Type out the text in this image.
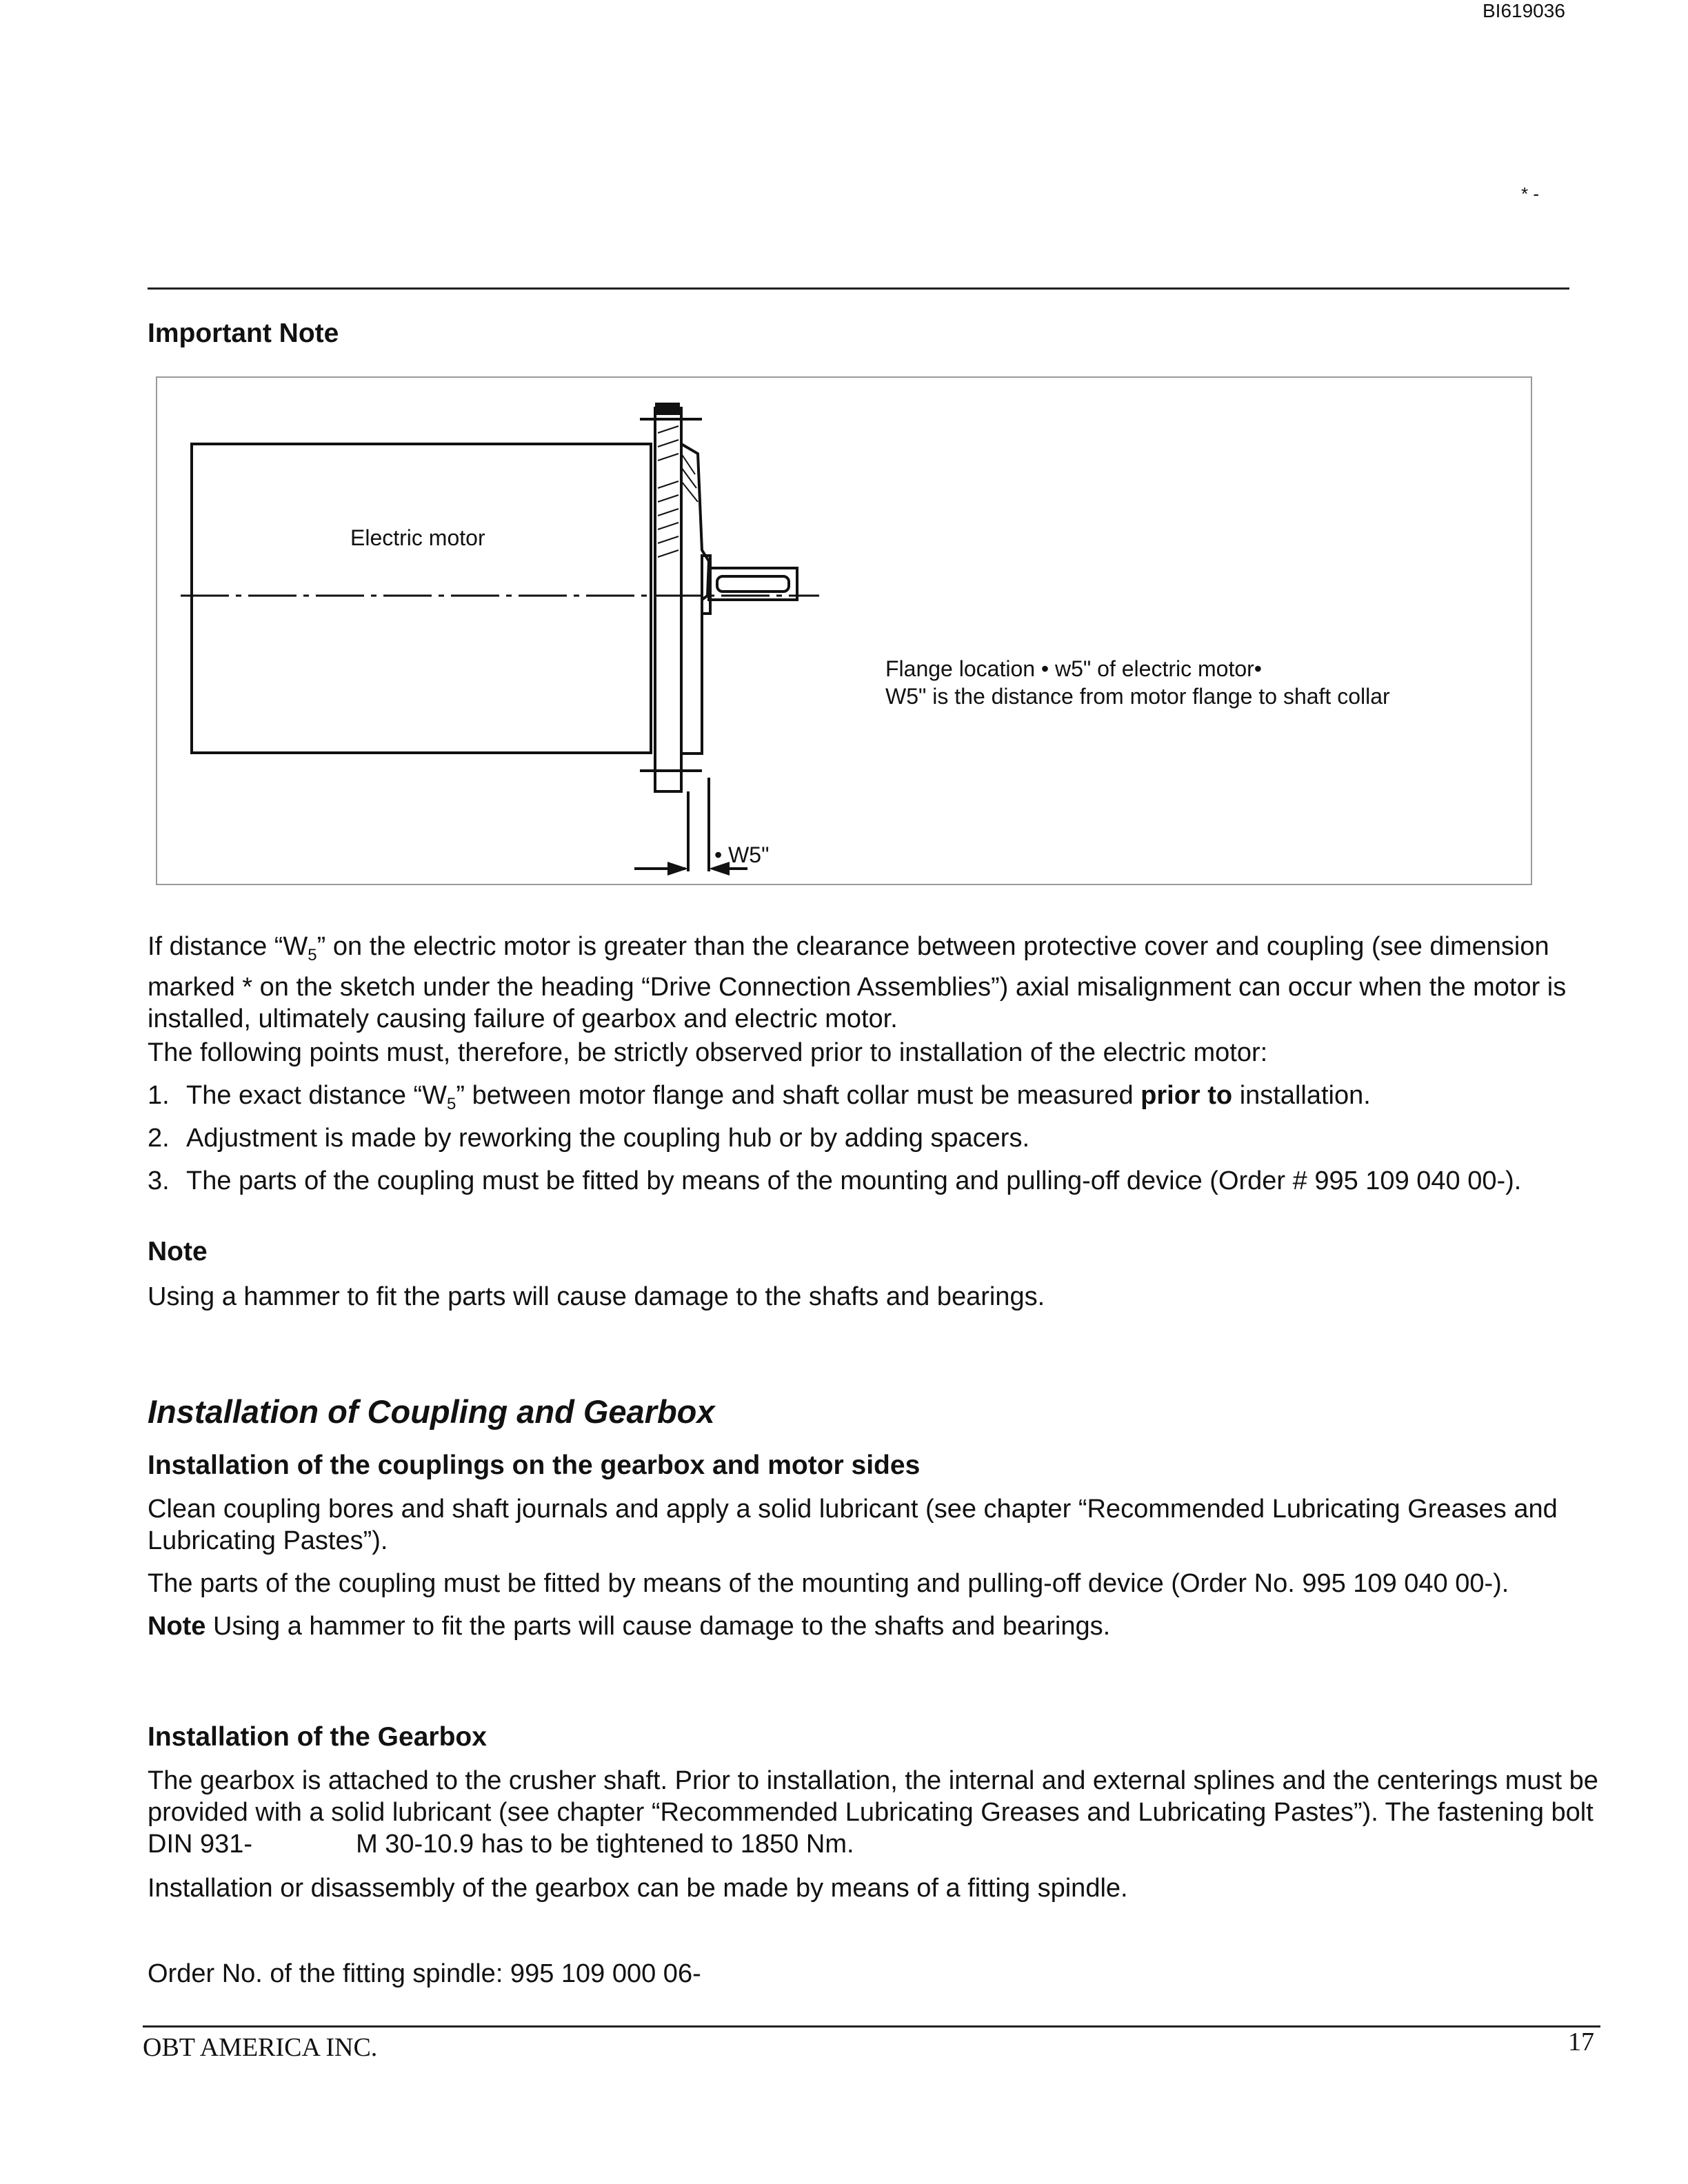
BI619036
* -
Important Note
Electric motor
Flange location • w5" of electric motor•
W5" is the distance from motor flange to shaft collar
• W5"
If distance “$W_5$” on the electric motor is greater than the clearance between protective cover and coupling (see dimension marked * on the sketch under the heading “Drive Connection Assemblies”) axial misalignment can occur when the motor is installed, ultimately causing failure of gearbox and electric motor.
The following points must, therefore, be strictly observed prior to installation of the electric motor:
1. The exact distance “$W_5$” between motor flange and shaft collar must be measured prior to installation.
2. Adjustment is made by reworking the coupling hub or by adding spacers.
3. The parts of the coupling must be fitted by means of the mounting and pulling-off device (Order # 995 109 040 00-).
Note
Using a hammer to fit the parts will cause damage to the shafts and bearings.
Installation of Coupling and Gearbox
Installation of the couplings on the gearbox and motor sides
Clean coupling bores and shaft journals and apply a solid lubricant (see chapter “Recommended Lubricating Greases and Lubricating Pastes”).
The parts of the coupling must be fitted by means of the mounting and pulling-off device (Order No. 995 109 040 00-).
Note Using a hammer to fit the parts will cause damage to the shafts and bearings.
Installation of the Gearbox
The gearbox is attached to the crusher shaft. Prior to installation, the internal and external splines and the centerings must be provided with a solid lubricant (see chapter “Recommended Lubricating Greases and Lubricating Pastes”). The fastening bolt DIN 931-	M 30-10.9 has to be tightened to 1850 Nm.
Installation or disassembly of the gearbox can be made by means of a fitting spindle.
Order No. of the fitting spindle: 995 109 000 06-
OBT AMERICA INC.	17
